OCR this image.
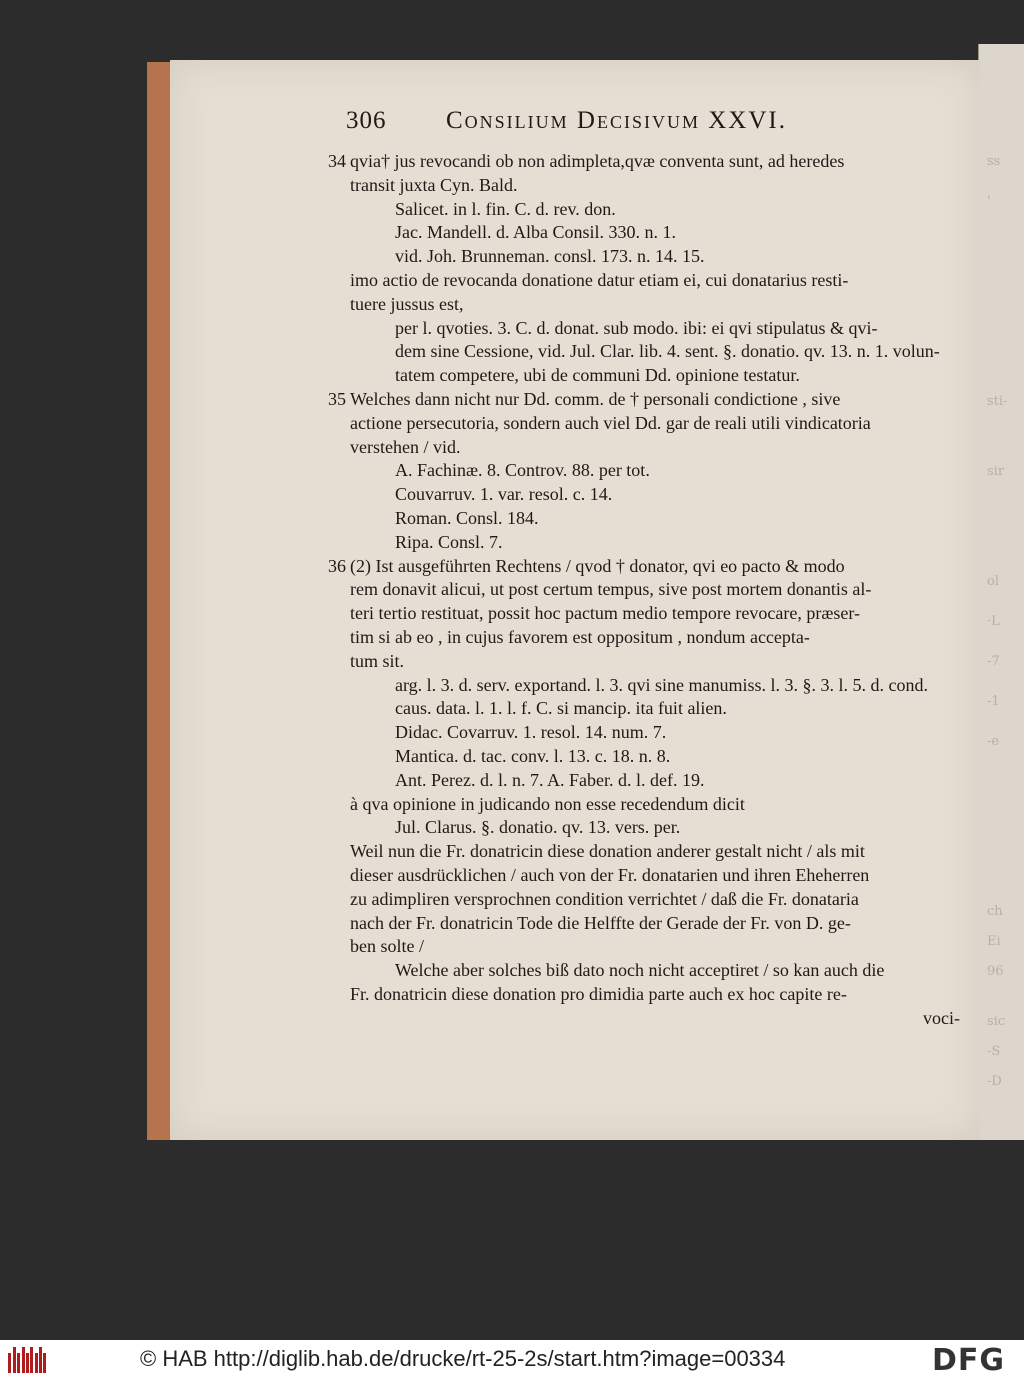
ss
'
sti-
sir
ol
·L
-7
-1
-e
ch
Ei
96
sic
-S
-D
306 Consilium Decisivum XXVI.
34 qvia† jus revocandi ob non adimpleta,qvæ conventa sunt, ad heredes
transit juxta Cyn. Bald.
Salicet. in l. fin. C. d. rev. don.
Jac. Mandell. d. Alba Consil. 330. n. 1.
vid. Joh. Brunneman. consl. 173. n. 14. 15.
imo actio de revocanda donatione datur etiam ei, cui donatarius resti-
tuere jussus est,
per l. qvoties. 3. C. d. donat. sub modo. ibi: ei qvi stipulatus & qvi-
dem sine Cessione, vid. Jul. Clar. lib. 4. sent. §. donatio. qv. 13. n. 1. volun-
tatem competere, ubi de communi Dd. opinione testatur.
35 Welches dann nicht nur Dd. comm. de † personali condictione , sive
actione persecutoria, sondern auch viel Dd. gar de reali utili vindicatoria
verstehen / vid.
A. Fachinæ. 8. Controv. 88. per tot.
Couvarruv. 1. var. resol. c. 14.
Roman. Consl. 184.
Ripa. Consl. 7.
36 (2) Ist ausgeführten Rechtens / qvod † donator, qvi eo pacto & modo
rem donavit alicui, ut post certum tempus, sive post mortem donantis al-
teri tertio restituat, possit hoc pactum medio tempore revocare, præser-
tim si ab eo , in cujus favorem est oppositum , nondum accepta-
tum sit.
arg. l. 3. d. serv. exportand. l. 3. qvi sine manumiss. l. 3. §. 3. l. 5. d. cond.
caus. data. l. 1. l. f. C. si mancip. ita fuit alien.
Didac. Covarruv. 1. resol. 14. num. 7.
Mantica. d. tac. conv. l. 13. c. 18. n. 8.
Ant. Perez. d. l. n. 7. A. Faber. d. l. def. 19.
à qva opinione in judicando non esse recedendum dicit
Jul. Clarus. §. donatio. qv. 13. vers. per.
Weil nun die Fr. donatricin diese donation anderer gestalt nicht / als mit
dieser ausdrücklichen / auch von der Fr. donatarien und ihren Eheherren
zu adimpliren versprochnen condition verrichtet / daß die Fr. donataria
nach der Fr. donatricin Tode die Helffte der Gerade der Fr. von D. ge-
ben solte /
Welche aber solches biß dato noch nicht acceptiret / so kan auch die
Fr. donatricin diese donation pro dimidia parte auch ex hoc capite re-
voci-
© HAB http://diglib.hab.de/drucke/rt-25-2s/start.htm?image=00334	DFG
